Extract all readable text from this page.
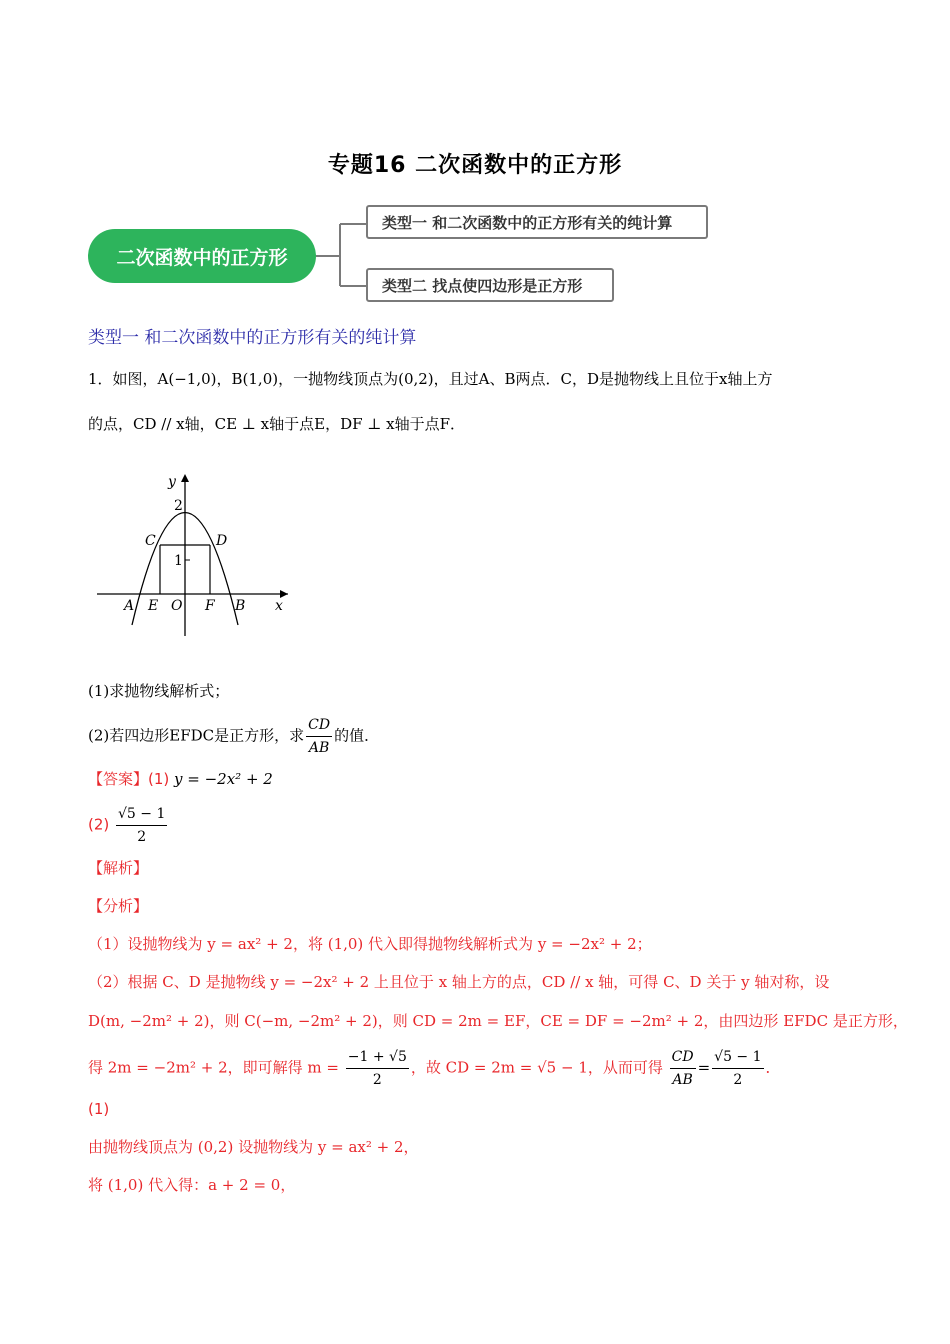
专题16 二次函数中的正方形
二次函数中的正方形
类型一 和二次函数中的正方形有关的纯计算
类型二 找点使四边形是正方形
类型一 和二次函数中的正方形有关的纯计算
1．如图，A(−1,0)，B(1,0)，一抛物线顶点为(0,2)，且过A、B两点．C，D是抛物线上且位于x轴上方
的点，CD // x轴，CE ⊥ x轴于点E，DF ⊥ x轴于点F．
y
2
1
C	D
A E O F B x
(1)求抛物线解析式；
(2)若四边形EFDC是正方形，求 $\frac{CD}{AB}$ 的值．
【答案】(1) y = −2x² + 2
$(2) \frac{√5 - 1}{2}$
【解析】
【分析】
（1）设抛物线为 y = ax² + 2，将 (1,0) 代入即得抛物线解析式为 y = −2x² + 2；
（2）根据 C、D 是抛物线 y = −2x² + 2 上且位于 x 轴上方的点，CD // x 轴，可得 C、D 关于 y 轴对称，设
D(m, −2m² + 2)，则 C(−m, −2m² + 2)，则 CD = 2m = EF，CE = DF = −2m² + 2，由四边形 EFDC 是正方形，
得 2m = −2m² + 2，即可解得 $m = \frac{-1 + √5}{2}$ ，故 CD = 2m = √5 − 1，从而可得 $\frac{CD}{AB} = \frac{√5 - 1}{2}$ ．
(1)
由抛物线顶点为 (0,2) 设抛物线为 y = ax² + 2，
将 (1,0) 代入得：a + 2 = 0，
